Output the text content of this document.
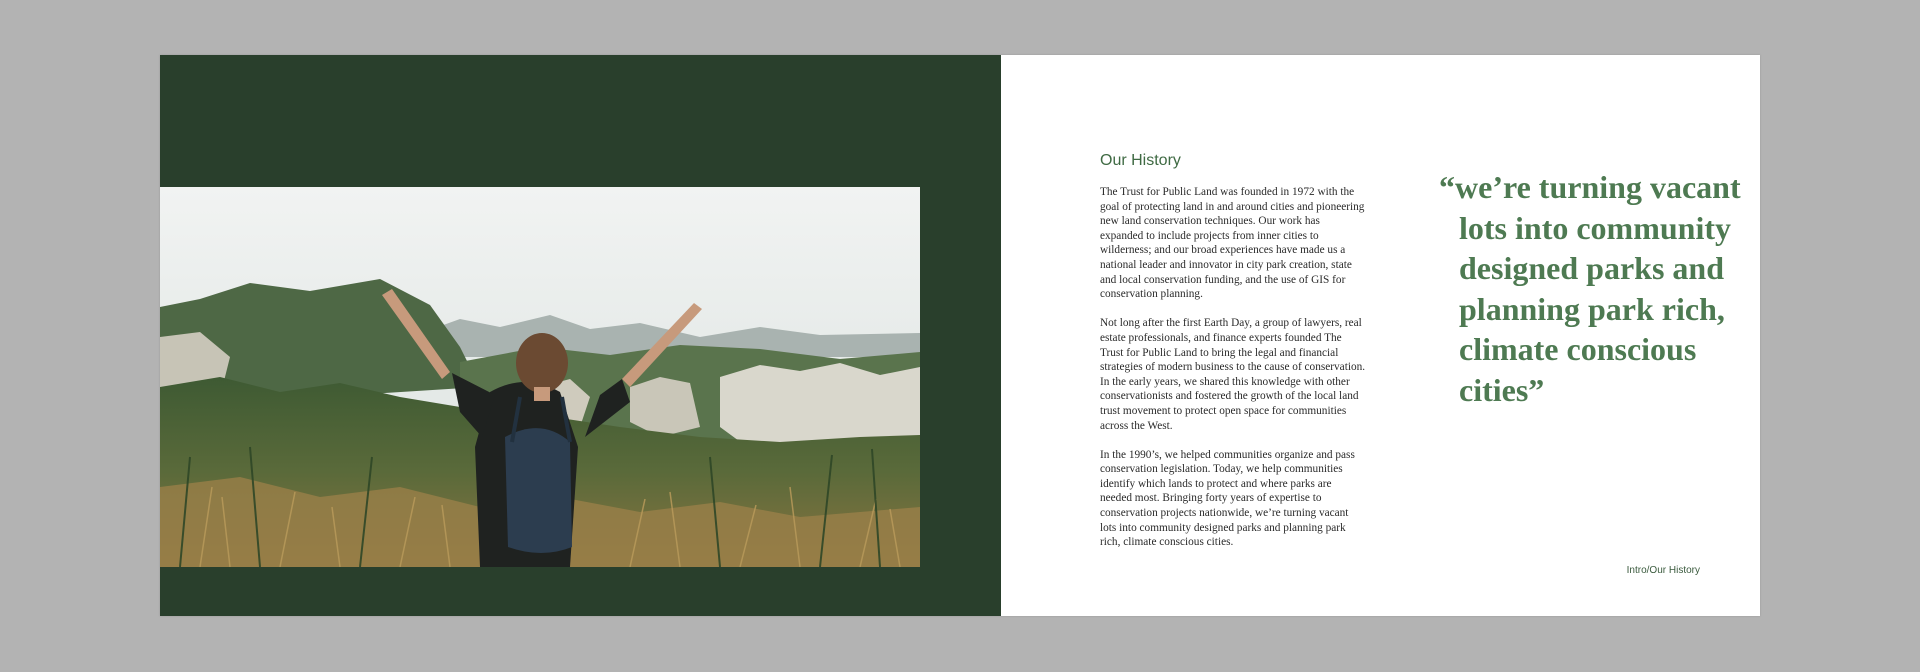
Our History

The Trust for Public Land was founded in 1972 with the goal of protecting land in and around cities and pioneering new land conservation techniques. Our work has expanded to include projects from inner cities to wilderness; and our broad experiences have made us a national leader and innovator in city park creation, state and local conservation funding, and the use of GIS for conservation planning.

Not long after the first Earth Day, a group of lawyers, real estate professionals, and finance experts founded The Trust for Public Land to bring the legal and financial strategies of modern business to the cause of conservation. In the early years, we shared this knowledge with other conservationists and fostered the growth of the local land trust movement to protect open space for communities across the West.

In the 1990’s, we helped communities organize and pass conservation legislation. Today, we help communities identify which lands to protect and where parks are needed most. Bringing forty years of expertise to conservation projects nationwide, we’re turning vacant lots into community designed parks and planning park rich, climate conscious cities.

“we’re turning vacant lots into community designed parks and planning park rich, climate conscious cities”

Intro/Our History
